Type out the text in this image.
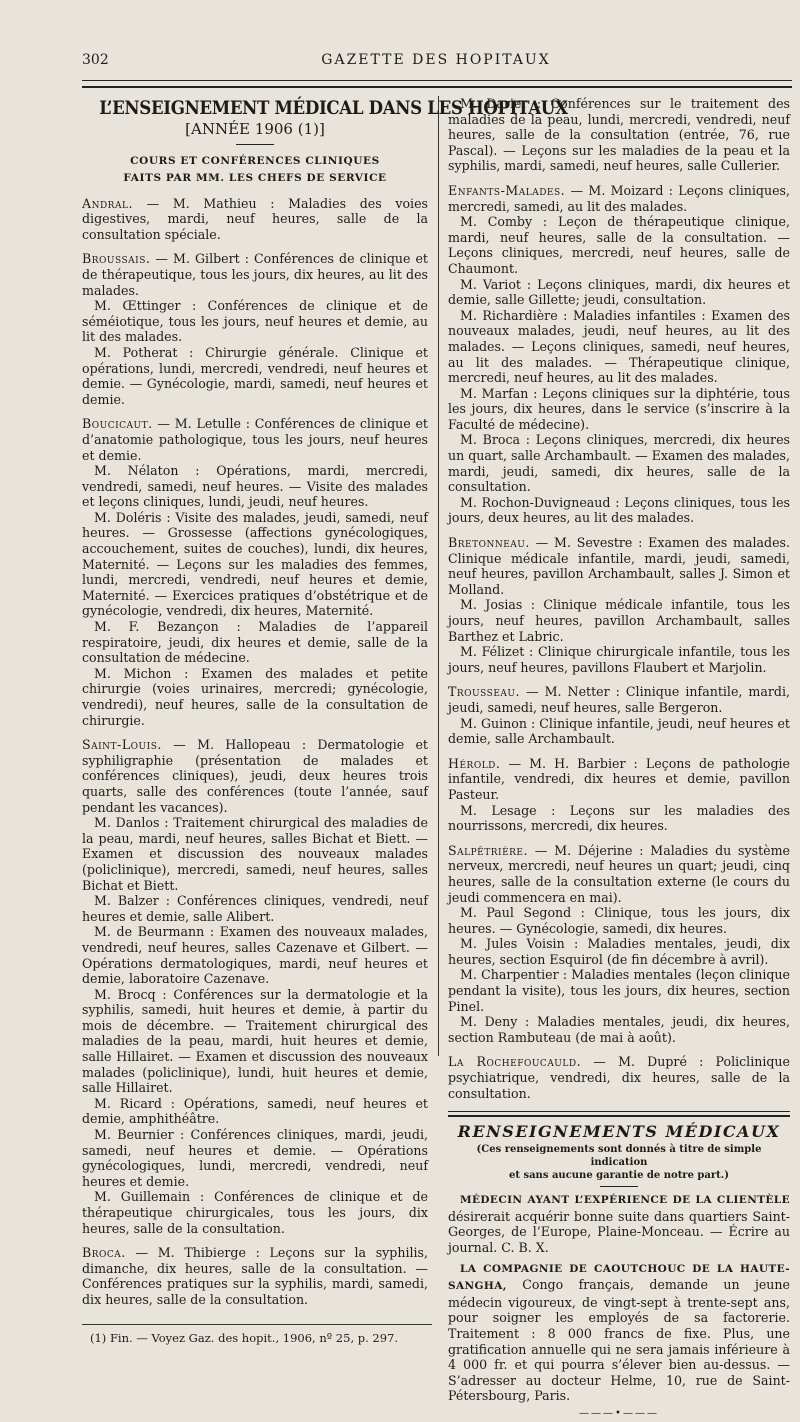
302	GAZETTE DES HOPITAUX
L’ENSEIGNEMENT MÉDICAL DANS LES HOPITAUX
[ANNÉE 1906 (1)]
COURS ET CONFÉRENCES CLINIQUES
FAITS PAR MM. LES CHEFS DE SERVICE

Andral. — M. Mathieu : Maladies des voies digestives, mardi, neuf heures, salle de la consultation spéciale.

Broussais. — M. Gilbert : Conférences de clinique et de thérapeutique, tous les jours, dix heures, au lit des malades.

M. Œttinger : Conférences de clinique et de séméiotique, tous les jours, neuf heures et demie, au lit des malades.

M. Potherat : Chirurgie générale. Clinique et opérations, lundi, mercredi, vendredi, neuf heures et demie. — Gynécologie, mardi, samedi, neuf heures et demie.

Boucicaut. — M. Letulle : Conférences de clinique et d’anatomie pathologique, tous les jours, neuf heures et demie.

M. Nélaton : Opérations, mardi, mercredi, vendredi, samedi, neuf heures. — Visite des malades et leçons cliniques, lundi, jeudi, neuf heures.

M. Doléris : Visite des malades, jeudi, samedi, neuf heures. — Grossesse (affections gynécologiques, accouchement, suites de couches), lundi, dix heures, Maternité. — Leçons sur les maladies des femmes, lundi, mercredi, vendredi, neuf heures et demie, Maternité. — Exercices pratiques d’obstétrique et de gynécologie, vendredi, dix heures, Maternité.

M. F. Bezançon : Maladies de l’appareil respiratoire, jeudi, dix heures et demie, salle de la consultation de médecine.

M. Michon : Examen des malades et petite chirurgie (voies urinaires, mercredi; gynécologie, vendredi), neuf heures, salle de la consultation de chirurgie.

Saint-Louis. — M. Hallopeau : Dermatologie et syphiligraphie (présentation de malades et conférences cliniques), jeudi, deux heures trois quarts, salle des conférences (toute l’année, sauf pendant les vacances).

M. Danlos : Traitement chirurgical des maladies de la peau, mardi, neuf heures, salles Bichat et Biett. — Examen et discussion des nouveaux malades (policlinique), mercredi, samedi, neuf heures, salles Bichat et Biett.

M. Balzer : Conférences cliniques, vendredi, neuf heures et demie, salle Alibert.

M. de Beurmann : Examen des nouveaux malades, vendredi, neuf heures, salles Cazenave et Gilbert. — Opérations dermatologiques, mardi, neuf heures et demie, laboratoire Cazenave.

M. Brocq : Conférences sur la dermatologie et la syphilis, samedi, huit heures et demie, à partir du mois de décembre. — Traitement chirurgical des maladies de la peau, mardi, huit heures et demie, salle Hillairet. — Examen et discussion des nouveaux malades (policlinique), lundi, huit heures et demie, salle Hillairet.

M. Ricard : Opérations, samedi, neuf heures et demie, amphithéâtre.

M. Beurnier : Conférences cliniques, mardi, jeudi, samedi, neuf heures et demie. — Opérations gynécologiques, lundi, mercredi, vendredi, neuf heures et demie.

M. Guillemain : Conférences de clinique et de thérapeutique chirurgicales, tous les jours, dix heures, salle de la consultation.

Broca. — M. Thibierge : Leçons sur la syphilis, dimanche, dix heures, salle de la consultation. — Conférences pratiques sur la syphilis, mardi, samedi, dix heures, salle de la consultation.

(1) Fin. — Voyez Gaz. des hopit., 1906, nº 25, p. 297.

M. Darier : Conférences sur le traitement des maladies de la peau, lundi, mercredi, vendredi, neuf heures, salle de la consultation (entrée, 76, rue Pascal). — Leçons sur les maladies de la peau et la syphilis, mardi, samedi, neuf heures, salle Cullerier.

Enfants-Malades. — M. Moizard : Leçons cliniques, mercredi, samedi, au lit des malades.

M. Comby : Leçon de thérapeutique clinique, mardi, neuf heures, salle de la consultation. — Leçons cliniques, mercredi, neuf heures, salle de Chaumont.

M. Variot : Leçons cliniques, mardi, dix heures et demie, salle Gillette; jeudi, consultation.

M. Richardière : Maladies infantiles : Examen des nouveaux malades, jeudi, neuf heures, au lit des malades. — Leçons cliniques, samedi, neuf heures, au lit des malades. — Thérapeutique clinique, mercredi, neuf heures, au lit des malades.

M. Marfan : Leçons cliniques sur la diphtérie, tous les jours, dix heures, dans le service (s’inscrire à la Faculté de médecine).

M. Broca : Leçons cliniques, mercredi, dix heures un quart, salle Archambault. — Examen des malades, mardi, jeudi, samedi, dix heures, salle de la consultation.

M. Rochon-Duvigneaud : Leçons cliniques, tous les jours, deux heures, au lit des malades.

Bretonneau. — M. Sevestre : Examen des malades. Clinique médicale infantile, mardi, jeudi, samedi, neuf heures, pavillon Archambault, salles J. Simon et Molland.

M. Josias : Clinique médicale infantile, tous les jours, neuf heures, pavillon Archambault, salles Barthez et Labric.

M. Félizet : Clinique chirurgicale infantile, tous les jours, neuf heures, pavillons Flaubert et Marjolin.

Trousseau. — M. Netter : Clinique infantile, mardi, jeudi, samedi, neuf heures, salle Bergeron.

M. Guinon : Clinique infantile, jeudi, neuf heures et demie, salle Archambault.

Hérold. — M. H. Barbier : Leçons de pathologie infantile, vendredi, dix heures et demie, pavillon Pasteur.

M. Lesage : Leçons sur les maladies des nourrissons, mercredi, dix heures.

Salpêtrière. — M. Déjerine : Maladies du système nerveux, mercredi, neuf heures un quart; jeudi, cinq heures, salle de la consultation externe (le cours du jeudi commencera en mai).

M. Paul Segond : Clinique, tous les jours, dix heures. — Gynécologie, samedi, dix heures.

M. Jules Voisin : Maladies mentales, jeudi, dix heures, section Esquirol (de fin décembre à avril).

M. Charpentier : Maladies mentales (leçon clinique pendant la visite), tous les jours, dix heures, section Pinel.

M. Deny : Maladies mentales, jeudi, dix heures, section Rambuteau (de mai à août).

La Rochefoucauld. — M. Dupré : Policlinique psychiatrique, vendredi, dix heures, salle de la consultation.

RENSEIGNEMENTS MÉDICAUX
(Ces renseignements sont donnés à titre de simple indication
et sans aucune garantie de notre part.)

MÉDECIN AYANT L’EXPÉRIENCE DE LA CLIENTÈLE désirerait acquérir bonne suite dans quartiers Saint-Georges, de l’Europe, Plaine-Monceau. — Écrire au journal. C. B. X.

LA COMPAGNIE DE CAOUTCHOUC DE LA HAUTE-SANGHA, Congo français, demande un jeune médecin vigoureux, de vingt-sept à trente-sept ans, pour soigner les employés de sa factorerie. Traitement : 8 000 francs de fixe. Plus, une gratification annuelle qui ne sera jamais inférieure à 4 000 fr. et qui pourra s’élever bien au-dessus. — S’adresser au docteur Helme, 10, rue de Saint-Pétersbourg, Paris.

———•———
